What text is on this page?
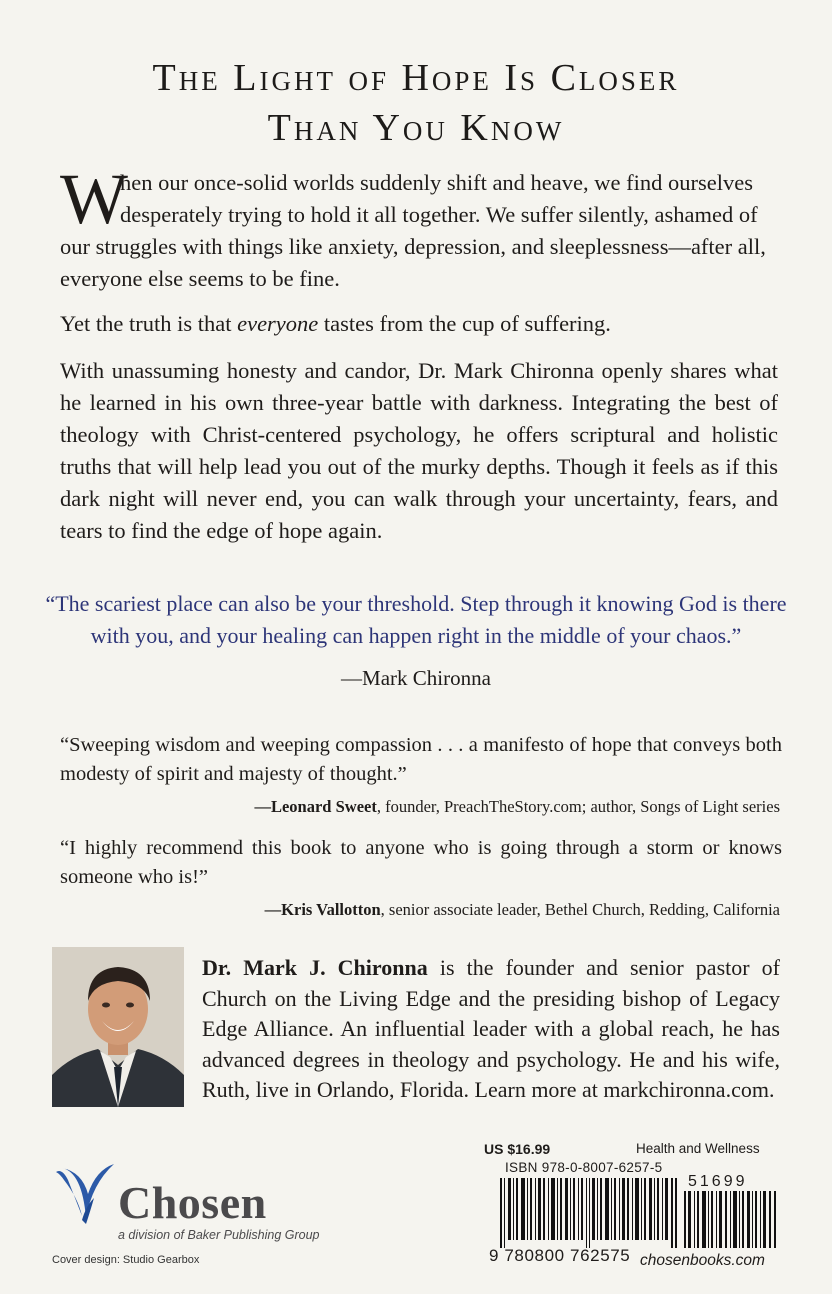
The Light of Hope Is Closer
Than You Know
W
hen our once-solid worlds suddenly shift and heave, we find ourselves
desperately trying to hold it all together. We suffer silently, ashamed of
our struggles with things like anxiety, depression, and sleeplessness—after all,
everyone else seems to be fine.

Yet the truth is that everyone tastes from the cup of suffering.

With unassuming honesty and candor, Dr. Mark Chironna openly shares what he learned in his own three-year battle with darkness. Integrating the best of theology with Christ-centered psychology, he offers scriptural and holistic truths that will help lead you out of the murky depths. Though it feels as if this dark night will never end, you can walk through your uncertainty, fears, and tears to find the edge of hope again.

“The scariest place can also be your threshold. Step through it knowing God is there
with you, and your healing can happen right in the middle of your chaos.”

—Mark Chironna

“Sweeping wisdom and weeping compassion . . . a manifesto of hope that conveys both modesty of spirit and majesty of thought.”

—Leonard Sweet, founder, PreachTheStory.com; author, Songs of Light series

“I highly recommend this book to anyone who is going through a storm or knows someone who is!”

—Kris Vallotton, senior associate leader, Bethel Church, Redding, California

Dr. Mark J. Chironna is the founder and senior pastor of Church on the Living Edge and the presiding bishop of Legacy Edge Alliance. An influential leader with a global reach, he has advanced degrees in theology and psychology. He and his wife, Ruth, live in Orlando, Florida. Learn more at markchironna.com.

Chosen
a division of Baker Publishing Group
Cover design: Studio Gearbox
US $16.99	Health and Wellness
ISBN 978-0-8007-6257-5
51699
9 780800 762575 chosenbooks.com
